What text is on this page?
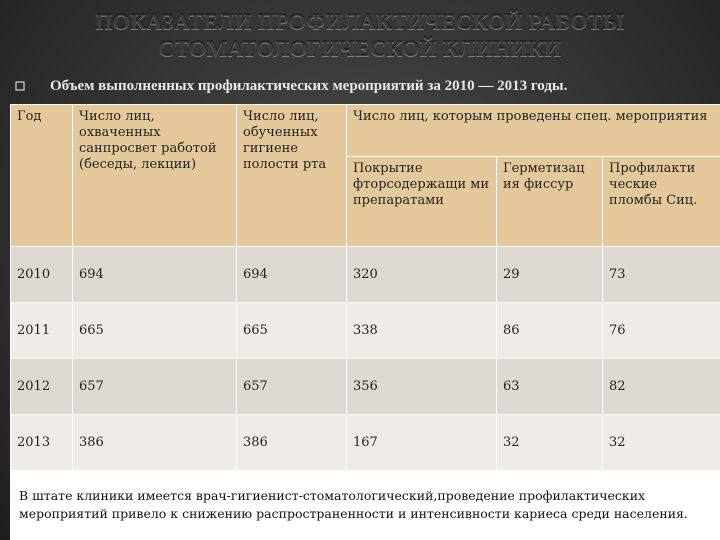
ПОКАЗАТЕЛИ ПРОФИЛАКТИЧЕСКОЙ РАБОТЫ
СТОМАТОЛОГИЧЕСКОЙ КЛИНИКИ
Объем выполненных профилактических мероприятий за 2010 — 2013 годы.
Год	Число лиц, охваченных санпросвет работой (беседы, лекции)	Число лиц, обученных гигиене полости рта	Число лиц, которым проведены спец. мероприятия		
			Покрытие фторсодержащи ми препаратами	Герметизац ия фиссур	Профилакти ческие пломбы Сиц.
2010	694	694	320	29	73
2011	665	665	338	86	76
2012	657	657	356	63	82
2013	386	386	167	32	32
В штате клиники имеется врач-гигиенист-стоматологический,проведение профилактических мероприятий привело к снижению распространенности и интенсивности кариеса среди населения.					
